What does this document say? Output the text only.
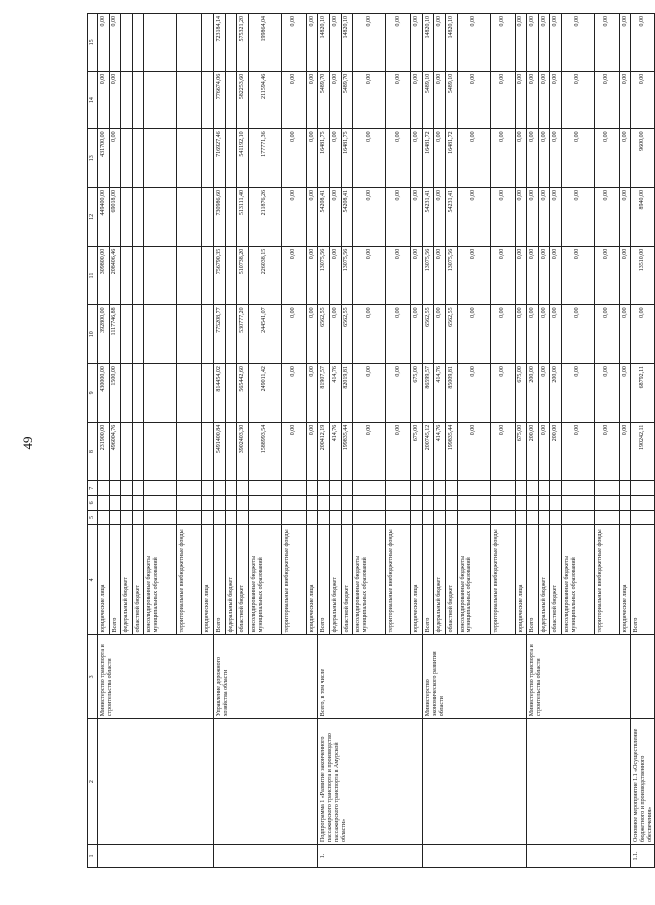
49
1	2	3	4	5	6	7	8	9	10	11	12	13	14	15
		Министерство транспорта и строительства области	юридические лица				231900,00	430000,00	392800,00	309800,00	449400,00	431700,00	0,00	0,00
			Всего				496004,76	1500,00	1117746,88	208406,46	69018,00	0,00	0,00	0,00
			федеральный бюджет											
			областной бюджет											
			консолидированные бюджеты муниципальных образований											
			территориальные внебюджетные фонды											
			юридические лица											
		Управление дорожного хозяйства области	Всего				5491400,84	814454,02	775208,77	756790,35	730986,60	716927,46	776674,06	723184,14
			федеральный бюджет											
			областной бюджет				3902403,30	565442,60	530777,20	510738,20	513111,40	541192,10	582253,60	575321,20
			консолидированные бюджеты муниципальных образований				1588993,54	249011,42	244541,07	226038,15	211876,26	177771,36	211594,46	199864,04
			территориальные внебюджетные фонды				0,00	0,00	0,00	0,00	0,00	0,00	0,00	0,00
			юридические лица				0,00	0,00	0,00	0,00	0,00	0,00	0,00	0,00
1.	Подпрограмма 1 «Развитие законченного пассажирского транспорта и производство пассажирского транспорта в Амурской области»	Всего, в том числе	Всего				200412,19	81907,57	6562,55	13075,56	54208,41	16481,75	5489,70	14820,10
			федеральный бюджет				414,76	414,76	0,00	0,00	0,00	0,00	0,00	0,00
			областной бюджет				199835,44	82019,81	6562,55	13075,56	54208,41	16481,75	5489,70	14820,10
			консолидированные бюджеты муниципальных образований				0,00	0,00	0,00	0,00	0,00	0,00	0,00	0,00
			территориальные внебюджетные фонды				0,00	0,00	0,00	0,00	0,00	0,00	0,00	0,00
			юридические лица				675,00	675,00	0,00	0,00	0,00	0,00	0,00	0,00
		Министерство экономического развития области	Всего				200745,12	86599,57	6562,55	13075,56	54231,41	16481,72	5489,10	14820,10
			федеральный бюджет				414,76	414,76	0,00	0,00	0,00	0,00	0,00	0,00
			областной бюджет				199835,44	85009,81	6562,55	13075,56	54231,41	16481,72	5489,10	14820,10
			консолидированные бюджеты муниципальных образований				0,00	0,00	0,00	0,00	0,00	0,00	0,00	0,00
			территориальные внебюджетные фонды				0,00	0,00	0,00	0,00	0,00	0,00	0,00	0,00
			юридические лица				675,00	675,00	0,00	0,00	0,00	0,00	0,00	0,00
		Министерство транспорта и строительства области	Всего				200,00	200,00	0,00	0,00	0,00	0,00	0,00	0,00
			федеральный бюджет				0,00	0,00	0,00	0,00	0,00	0,00	0,00	0,00
			областной бюджет				200,00	200,00	0,00	0,00	0,00	0,00	0,00	0,00
			консолидированные бюджеты муниципальных образований				0,00	0,00	0,00	0,00	0,00	0,00	0,00	0,00
			территориальные внебюджетные фонды				0,00	0,00	0,00	0,00	0,00	0,00	0,00	0,00
			юридические лица				0,00	0,00	0,00	0,00	0,00	0,00	0,00	0,00
1.1.	Основное мероприятие 1.1 «Осуществление бюджетного и производственного обеспечения»		Всего				190242,11	68792,11	0,00	13510,00	8940,00	9600,00	0,00	0,00
